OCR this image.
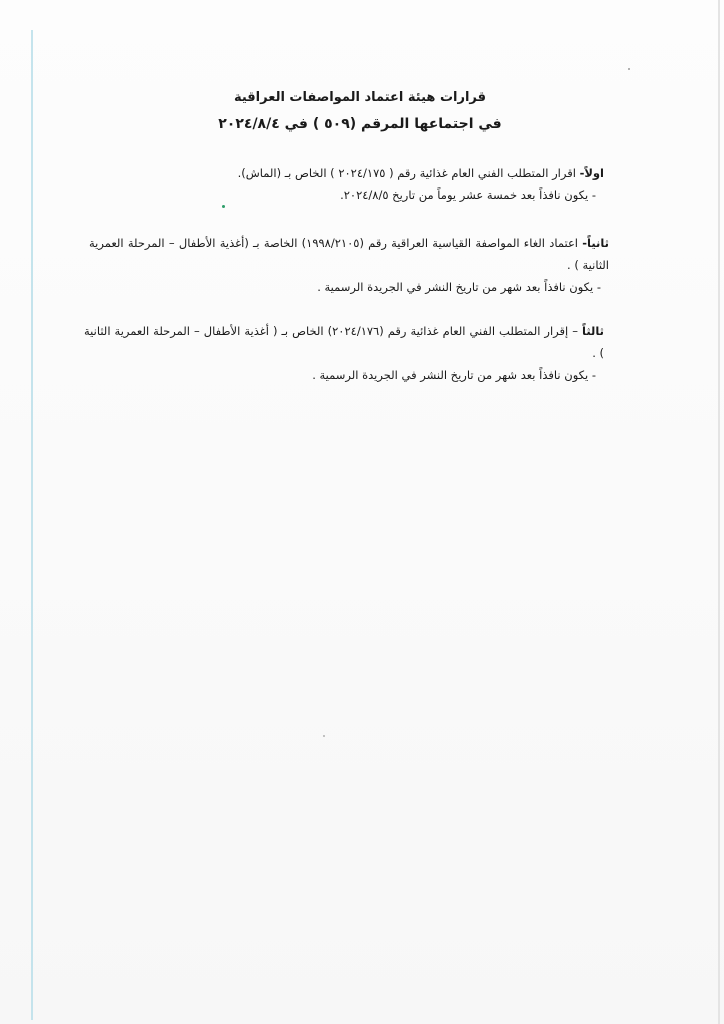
قرارات هيئة اعتماد المواصفات العراقية
في اجتماعها المرقم (٥٠٩ ) في ٢٠٢٤/٨/٤
اولاً- اقرار المتطلب الفني العام غذائية رقم ( ٢٠٢٤/١٧٥ ) الخاص بـ (الماش).
- يكون نافذاً بعد خمسة عشر يوماً من تاريخ ٢٠٢٤/٨/٥.
ثانياً- اعتماد الغاء المواصفة القياسية العراقية رقم (١٩٩٨/٢١٠٥) الخاصة بـ (أغذية الأطفال – المرحلة العمرية الثانية ) .
- يكون نافذاً بعد شهر من تاريخ النشر في الجريدة الرسمية .
ثالثاً – إقرار المتطلب الفني العام غذائية رقم (٢٠٢٤/١٧٦) الخاص بـ ( أغذية الأطفال – المرحلة العمرية الثانية ) .
- يكون نافذاً بعد شهر من تاريخ النشر في الجريدة الرسمية .
